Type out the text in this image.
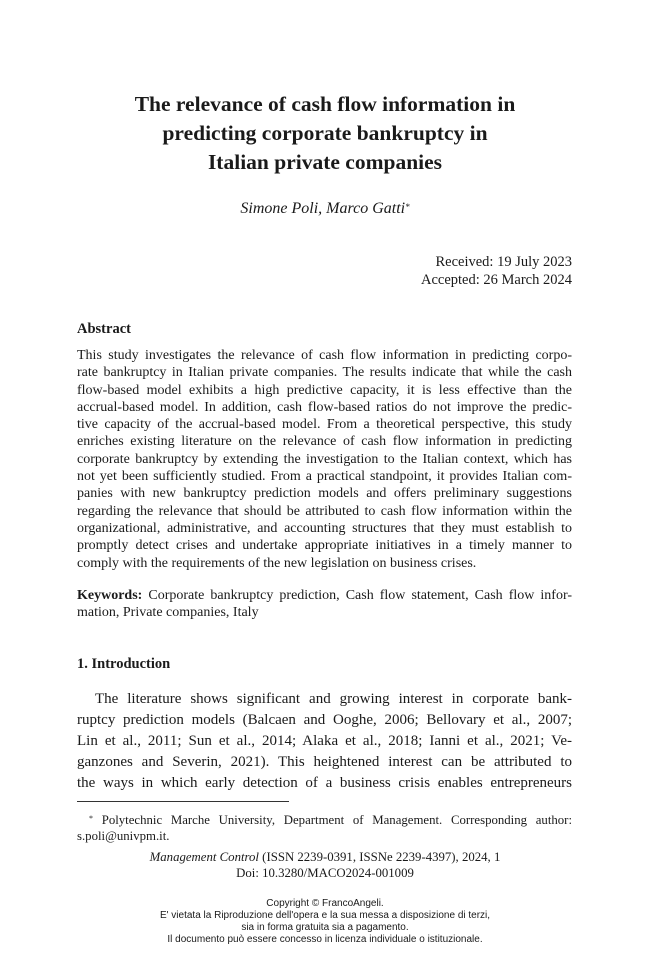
The relevance of cash flow information in
predicting corporate bankruptcy in
Italian private companies
Simone Poli, Marco Gatti*
Received: 19 July 2023
Accepted: 26 March 2024
Abstract
This study investigates the relevance of cash flow information in predicting corpo-
rate bankruptcy in Italian private companies. The results indicate that while the cash
flow-based model exhibits a high predictive capacity, it is less effective than the
accrual-based model. In addition, cash flow-based ratios do not improve the predic-
tive capacity of the accrual-based model. From a theoretical perspective, this study
enriches existing literature on the relevance of cash flow information in predicting
corporate bankruptcy by extending the investigation to the Italian context, which has
not yet been sufficiently studied. From a practical standpoint, it provides Italian com-
panies with new bankruptcy prediction models and offers preliminary suggestions
regarding the relevance that should be attributed to cash flow information within the
organizational, administrative, and accounting structures that they must establish to
promptly detect crises and undertake appropriate initiatives in a timely manner to
comply with the requirements of the new legislation on business crises.
Keywords: Corporate bankruptcy prediction, Cash flow statement, Cash flow infor-
mation, Private companies, Italy
1. Introduction
The literature shows significant and growing interest in corporate bank-
ruptcy prediction models (Balcaen and Ooghe, 2006; Bellovary et al., 2007;
Lin et al., 2011; Sun et al., 2014; Alaka et al., 2018; Ianni et al., 2021; Ve-
ganzones and Severin, 2021). This heightened interest can be attributed to
the ways in which early detection of a business crisis enables entrepreneurs
* Polytechnic Marche University, Department of Management. Corresponding author:
s.poli@univpm.it.
Management Control (ISSN 2239-0391, ISSNe 2239-4397), 2024, 1
Doi: 10.3280/MACO2024-001009
Copyright © FrancoAngeli.
E' vietata la Riproduzione dell'opera e la sua messa a disposizione di terzi,
sia in forma gratuita sia a pagamento.
Il documento può essere concesso in licenza individuale o istituzionale.
